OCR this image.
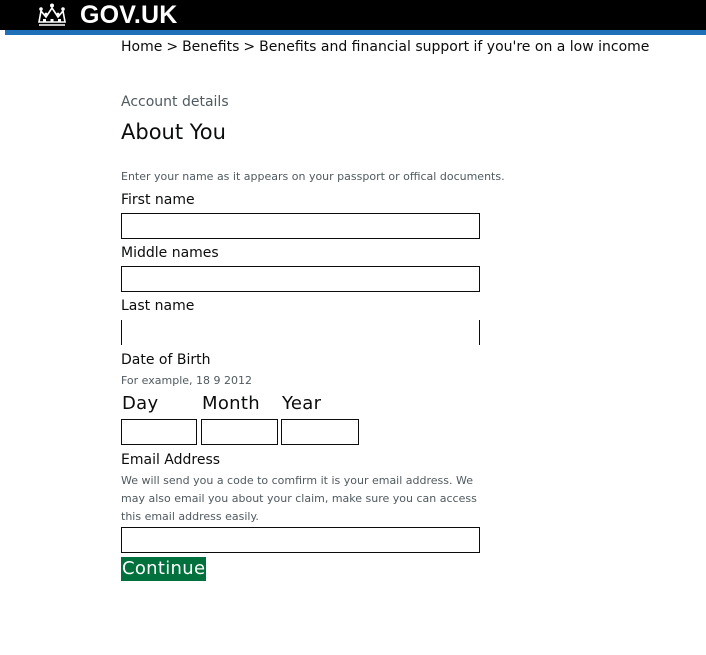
GOV.UK
Home > Benefits > Benefits and financial support if you're on a low income
Account details
About You
Enter your name as it appears on your passport or offical documents.
First name
Middle names
Last name
Date of Birth
For example, 18 9 2012
Day Month Year
Email Address
We will send you a code to comfirm it is your email address. We may also email you about your claim, make sure you can access this email address easily.
Continue
